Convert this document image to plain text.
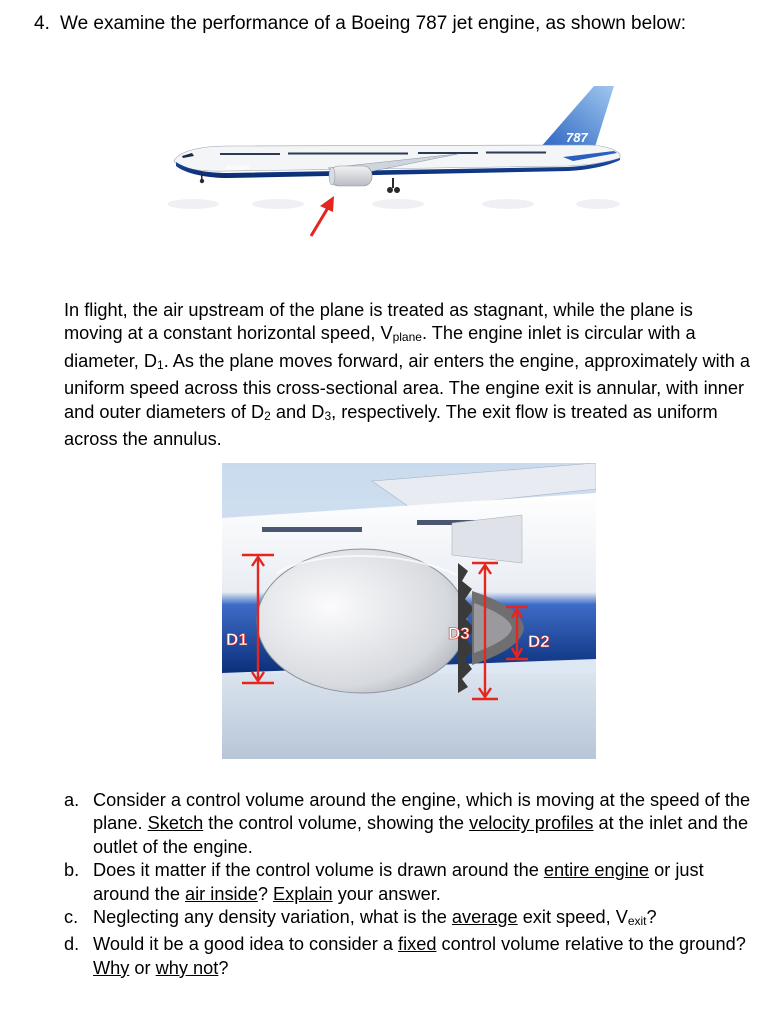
4. We examine the performance of a Boeing 787 jet engine, as shown below:
787
BOEING
In flight, the air upstream of the plane is treated as stagnant, while the plane is moving at a constant horizontal speed, $V_{plane}$. The engine inlet is circular with a diameter, $D_1$. As the plane moves forward, air enters the engine, approximately with a uniform speed across this cross-sectional area. The engine exit is annular, with inner and outer diameters of $D_2$ and $D_3$, respectively. The exit flow is treated as uniform across the annulus.
D1	D3	D2
a. Consider a control volume around the engine, which is moving at the speed of the plane. Sketch the control volume, showing the velocity profiles at the inlet and the outlet of the engine.
b. Does it matter if the control volume is drawn around the entire engine or just around the air inside? Explain your answer.
c. Neglecting any density variation, what is the average exit speed, $V_{exit}$?
d. Would it be a good idea to consider a fixed control volume relative to the ground? Why or why not?
